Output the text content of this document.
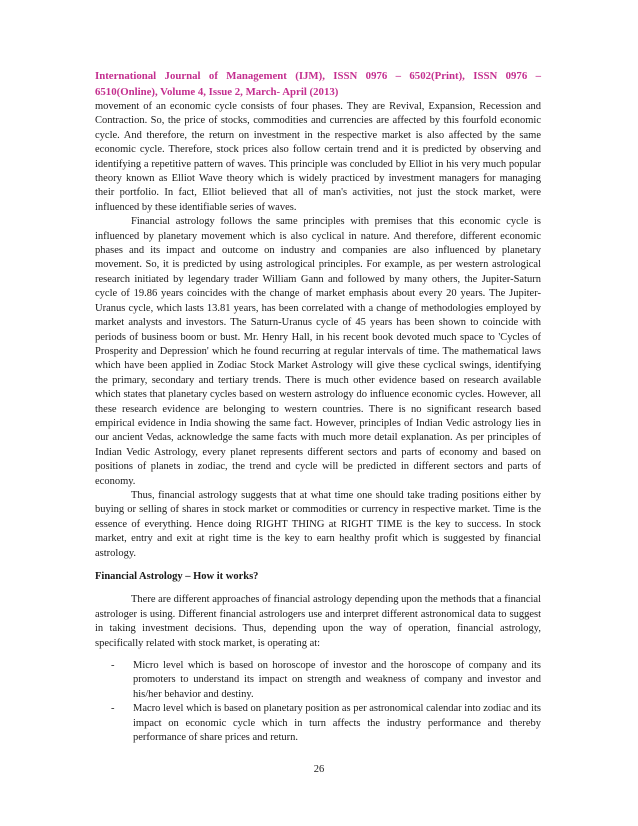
International Journal of Management (IJM), ISSN 0976 – 6502(Print), ISSN 0976 – 6510(Online), Volume 4, Issue 2, March- April (2013)

movement of an economic cycle consists of four phases. They are Revival, Expansion, Recession and Contraction. So, the price of stocks, commodities and currencies are affected by this fourfold economic cycle. And therefore, the return on investment in the respective market is also affected by the same economic cycle. Therefore, stock prices also follow certain trend and it is predicted by observing and identifying a repetitive pattern of waves. This principle was concluded by Elliot in his very much popular theory known as Elliot Wave theory which is widely practiced by investment managers for managing their portfolio. In fact, Elliot believed that all of man's activities, not just the stock market, were influenced by these identifiable series of waves.

Financial astrology follows the same principles with premises that this economic cycle is influenced by planetary movement which is also cyclical in nature. And therefore, different economic phases and its impact and outcome on industry and companies are also influenced by planetary movement. So, it is predicted by using astrological principles. For example, as per western astrological research initiated by legendary trader William Gann and followed by many others, the Jupiter-Saturn cycle of 19.86 years coincides with the change of market emphasis about every 20 years. The Jupiter-Uranus cycle, which lasts 13.81 years, has been correlated with a change of methodologies employed by market analysts and investors. The Saturn-Uranus cycle of 45 years has been shown to coincide with periods of business boom or bust. Mr. Henry Hall, in his recent book devoted much space to 'Cycles of Prosperity and Depression' which he found recurring at regular intervals of time. The mathematical laws which have been applied in Zodiac Stock Market Astrology will give these cyclical swings, identifying the primary, secondary and tertiary trends. There is much other evidence based on research available which states that planetary cycles based on western astrology do influence economic cycles. However, all these research evidence are belonging to western countries. There is no significant research based empirical evidence in India showing the same fact. However, principles of Indian Vedic astrology lies in our ancient Vedas, acknowledge the same facts with much more detail explanation. As per principles of Indian Vedic Astrology, every planet represents different sectors and parts of economy and based on positions of planets in zodiac, the trend and cycle will be predicted in different sectors and parts of economy.

Thus, financial astrology suggests that at what time one should take trading positions either by buying or selling of shares in stock market or commodities or currency in respective market. Time is the essence of everything. Hence doing RIGHT THING at RIGHT TIME is the key to success. In stock market, entry and exit at right time is the key to earn healthy profit which is suggested by financial astrology.

Financial Astrology – How it works?

There are different approaches of financial astrology depending upon the methods that a financial astrologer is using. Different financial astrologers use and interpret different astronomical data to suggest in taking investment decisions. Thus, depending upon the way of operation, financial astrology, specifically related with stock market, is operating at:

- Micro level which is based on horoscope of investor and the horoscope of company and its promoters to understand its impact on strength and weakness of company and investor and his/her behavior and destiny.
- Macro level which is based on planetary position as per astronomical calendar into zodiac and its impact on economic cycle which in turn affects the industry performance and thereby performance of share prices and return.
26
